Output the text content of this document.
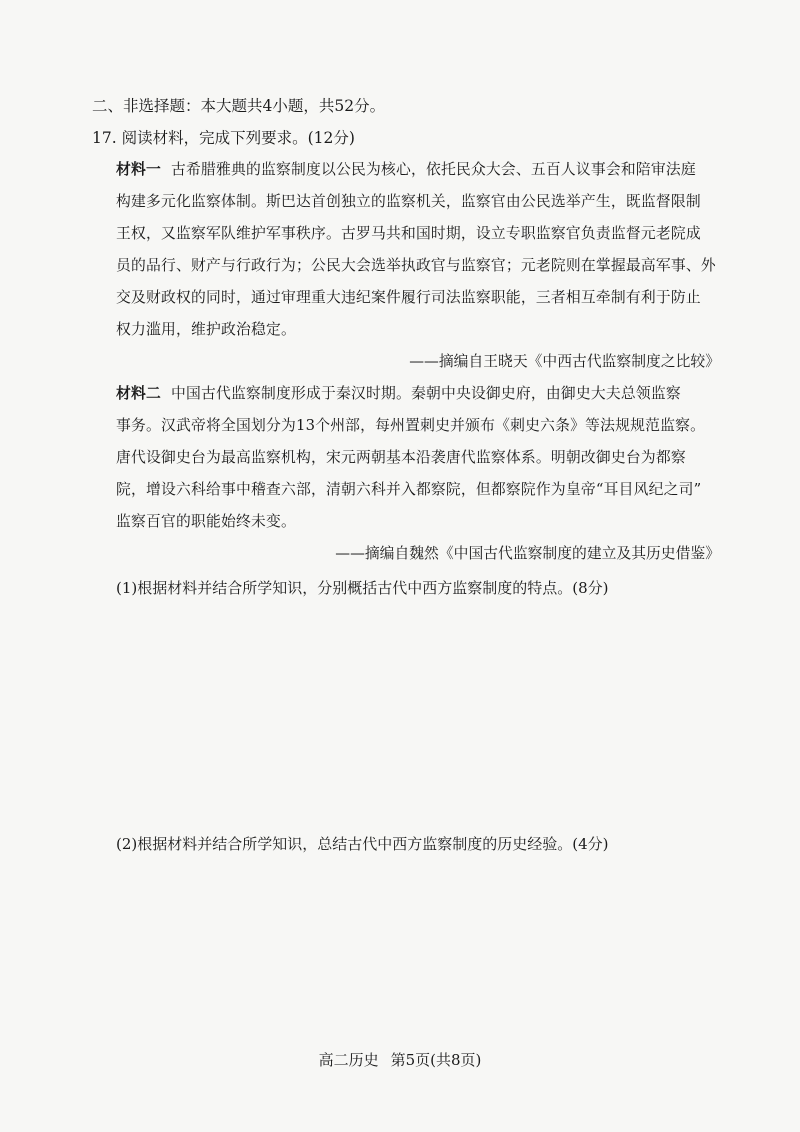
二、非选择题：本大题共4小题，共52分。
17. 阅读材料，完成下列要求。(12分)
材料一 古希腊雅典的监察制度以公民为核心，依托民众大会、五百人议事会和陪审法庭
构建多元化监察体制。斯巴达首创独立的监察机关，监察官由公民选举产生，既监督限制
王权，又监察军队维护军事秩序。古罗马共和国时期，设立专职监察官负责监督元老院成
员的品行、财产与行政行为；公民大会选举执政官与监察官；元老院则在掌握最高军事、外
交及财政权的同时，通过审理重大违纪案件履行司法监察职能，三者相互牵制有利于防止
权力滥用，维护政治稳定。
——摘编自王晓天《中西古代监察制度之比较》
材料二 中国古代监察制度形成于秦汉时期。秦朝中央设御史府，由御史大夫总领监察
事务。汉武帝将全国划分为13个州部，每州置刺史并颁布《刺史六条》等法规规范监察。
唐代设御史台为最高监察机构，宋元两朝基本沿袭唐代监察体系。明朝改御史台为都察
院，增设六科给事中稽查六部，清朝六科并入都察院，但都察院作为皇帝“耳目风纪之司”
监察百官的职能始终未变。
——摘编自魏然《中国古代监察制度的建立及其历史借鉴》
(1)根据材料并结合所学知识，分别概括古代中西方监察制度的特点。(8分)
(2)根据材料并结合所学知识，总结古代中西方监察制度的历史经验。(4分)
高二历史 第5页(共8页)
